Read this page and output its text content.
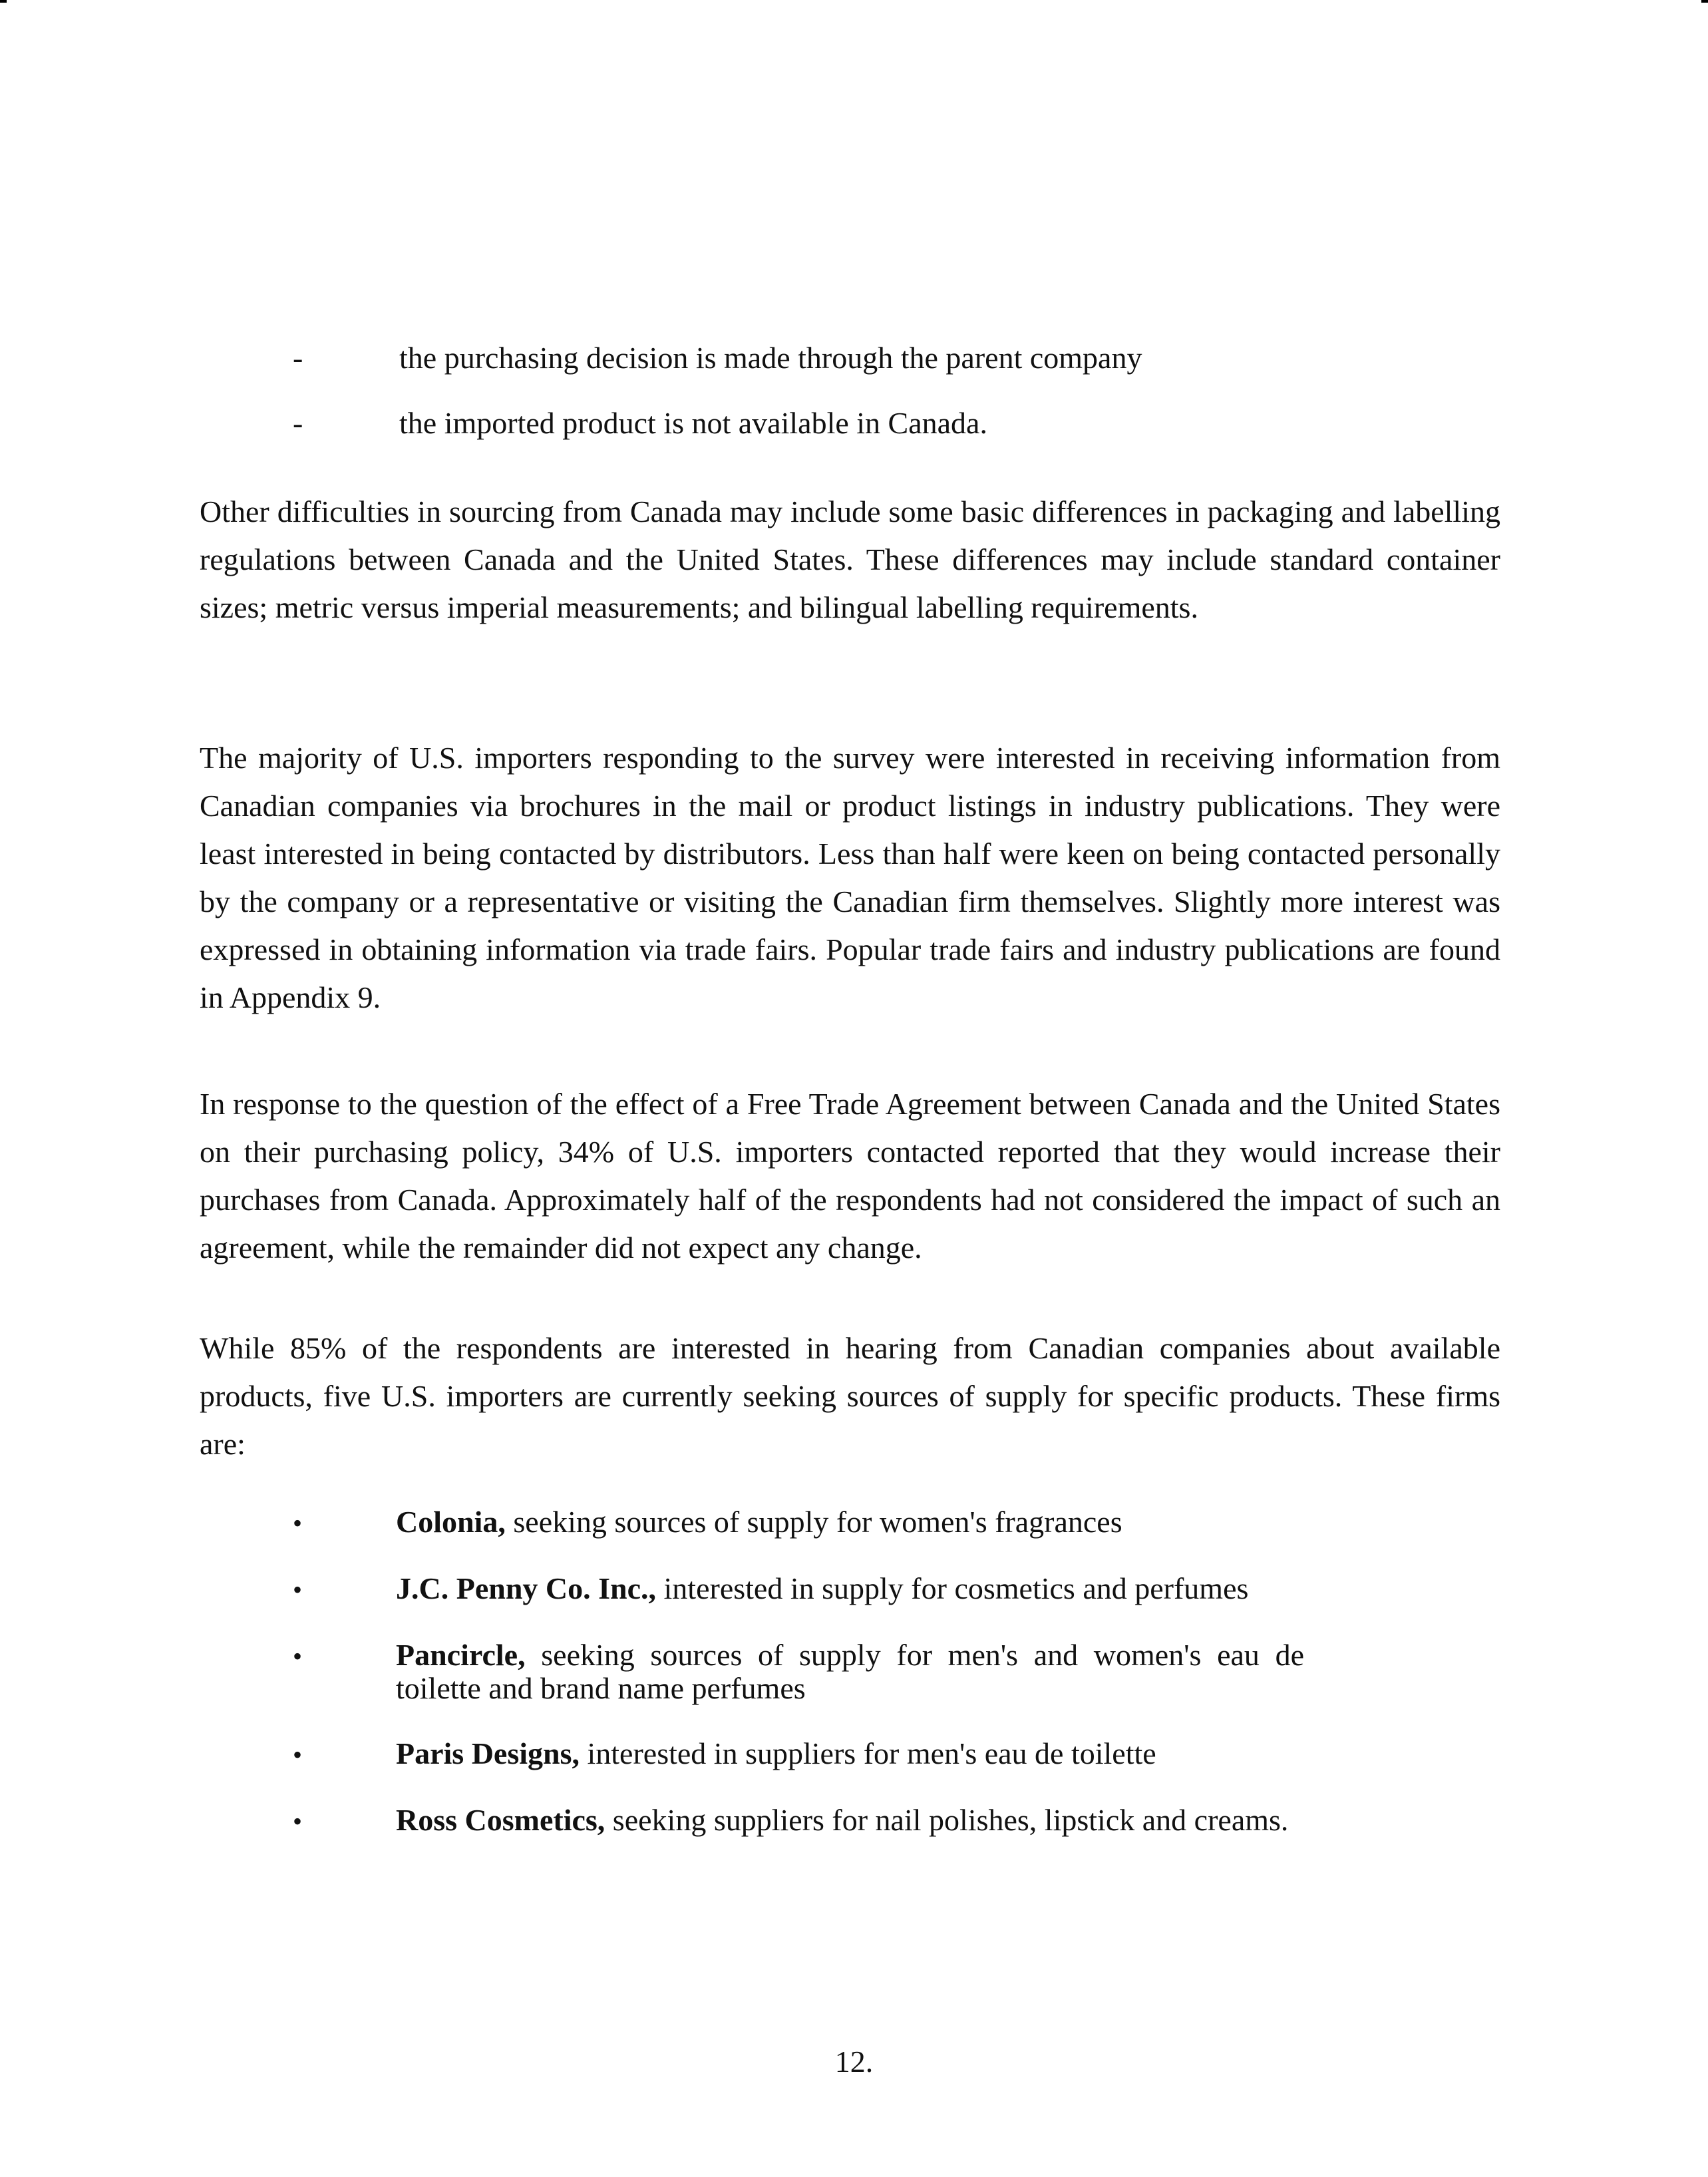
-	the purchasing decision is made through the parent company
-	the imported product is not available in Canada.

Other difficulties in sourcing from Canada may include some basic differences in packaging and labelling regulations between Canada and the United States. These differences may include standard container sizes; metric versus imperial measurements; and bilingual labelling requirements.

The majority of U.S. importers responding to the survey were interested in receiving information from Canadian companies via brochures in the mail or product listings in industry publications. They were least interested in being contacted by distributors. Less than half were keen on being contacted personally by the company or a representative or visiting the Canadian firm themselves. Slightly more interest was expressed in obtaining information via trade fairs. Popular trade fairs and industry publications are found in Appendix 9.

In response to the question of the effect of a Free Trade Agreement between Canada and the United States on their purchasing policy, 34% of U.S. importers contacted reported that they would increase their purchases from Canada. Approximately half of the respondents had not considered the impact of such an agreement, while the remainder did not expect any change.

While 85% of the respondents are interested in hearing from Canadian companies about available products, five U.S. importers are currently seeking sources of supply for specific products. These firms are:

•	Colonia, seeking sources of supply for women's fragrances
•	J.C. Penny Co. Inc., interested in supply for cosmetics and perfumes
•	Pancircle, seeking sources of supply for men's and women's eau de toilette and brand name perfumes
•	Paris Designs, interested in suppliers for men's eau de toilette
•	Ross Cosmetics, seeking suppliers for nail polishes, lipstick and creams.
12.
